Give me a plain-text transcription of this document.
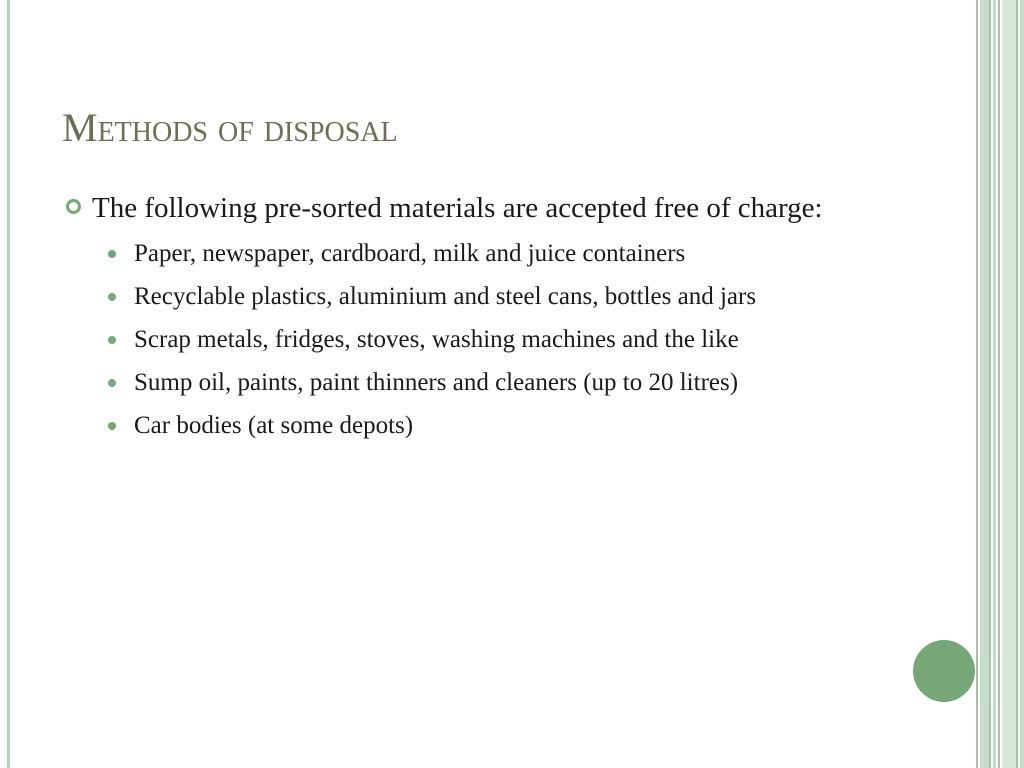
Methods of disposal

The following pre-sorted materials are accepted free of charge:

Paper, newspaper, cardboard, milk and juice containers
Recyclable plastics, aluminium and steel cans, bottles and jars
Scrap metals, fridges, stoves, washing machines and the like
Sump oil, paints, paint thinners and cleaners (up to 20 litres)
Car bodies (at some depots)
